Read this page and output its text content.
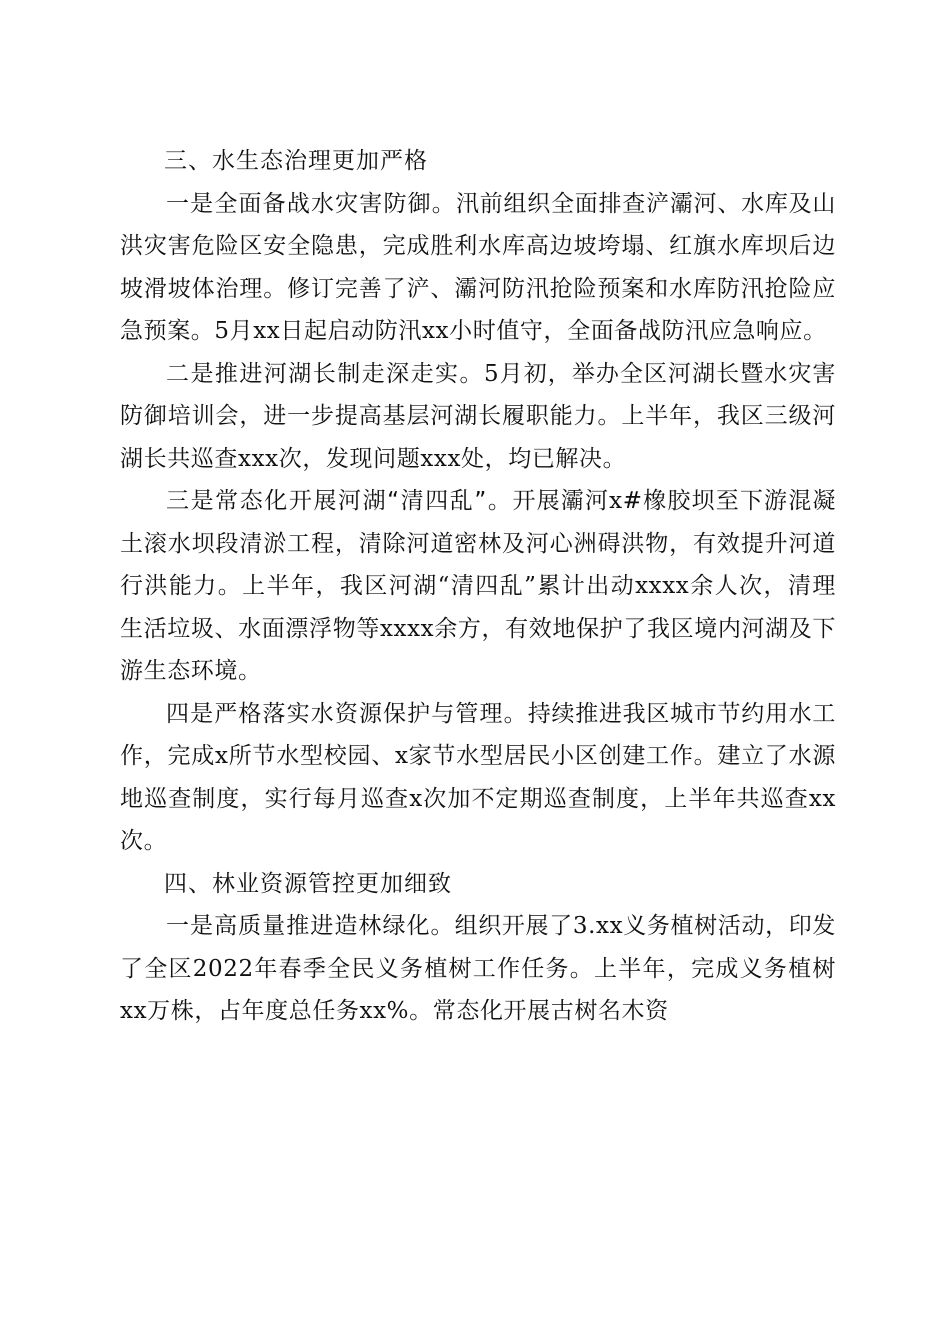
三、水生态治理更加严格

一是全面备战水灾害防御。汛前组织全面排查浐灞河、水库及山洪灾害危险区安全隐患，完成胜利水库高边坡垮塌、红旗水库坝后边坡滑坡体治理。修订完善了浐、灞河防汛抢险预案和水库防汛抢险应急预案。5月xx日起启动防汛xx小时值守，全面备战防汛应急响应。

二是推进河湖长制走深走实。5月初，举办全区河湖长暨水灾害防御培训会，进一步提高基层河湖长履职能力。上半年，我区三级河湖长共巡查xxx次，发现问题xxx处，均已解决。

三是常态化开展河湖“清四乱”。开展灞河x#橡胶坝至下游混凝土滚水坝段清淤工程，清除河道密林及河心洲碍洪物，有效提升河道行洪能力。上半年，我区河湖“清四乱”累计出动xxxx余人次，清理生活垃圾、水面漂浮物等xxxx余方，有效地保护了我区境内河湖及下游生态环境。

四是严格落实水资源保护与管理。持续推进我区城市节约用水工作，完成x所节水型校园、x家节水型居民小区创建工作。建立了水源地巡查制度，实行每月巡查x次加不定期巡查制度，上半年共巡查xx次。

四、林业资源管控更加细致

一是高质量推进造林绿化。组织开展了3.xx义务植树活动，印发了全区2022年春季全民义务植树工作任务。上半年，完成义务植树xx万株，占年度总任务xx%。常态化开展古树名木资
